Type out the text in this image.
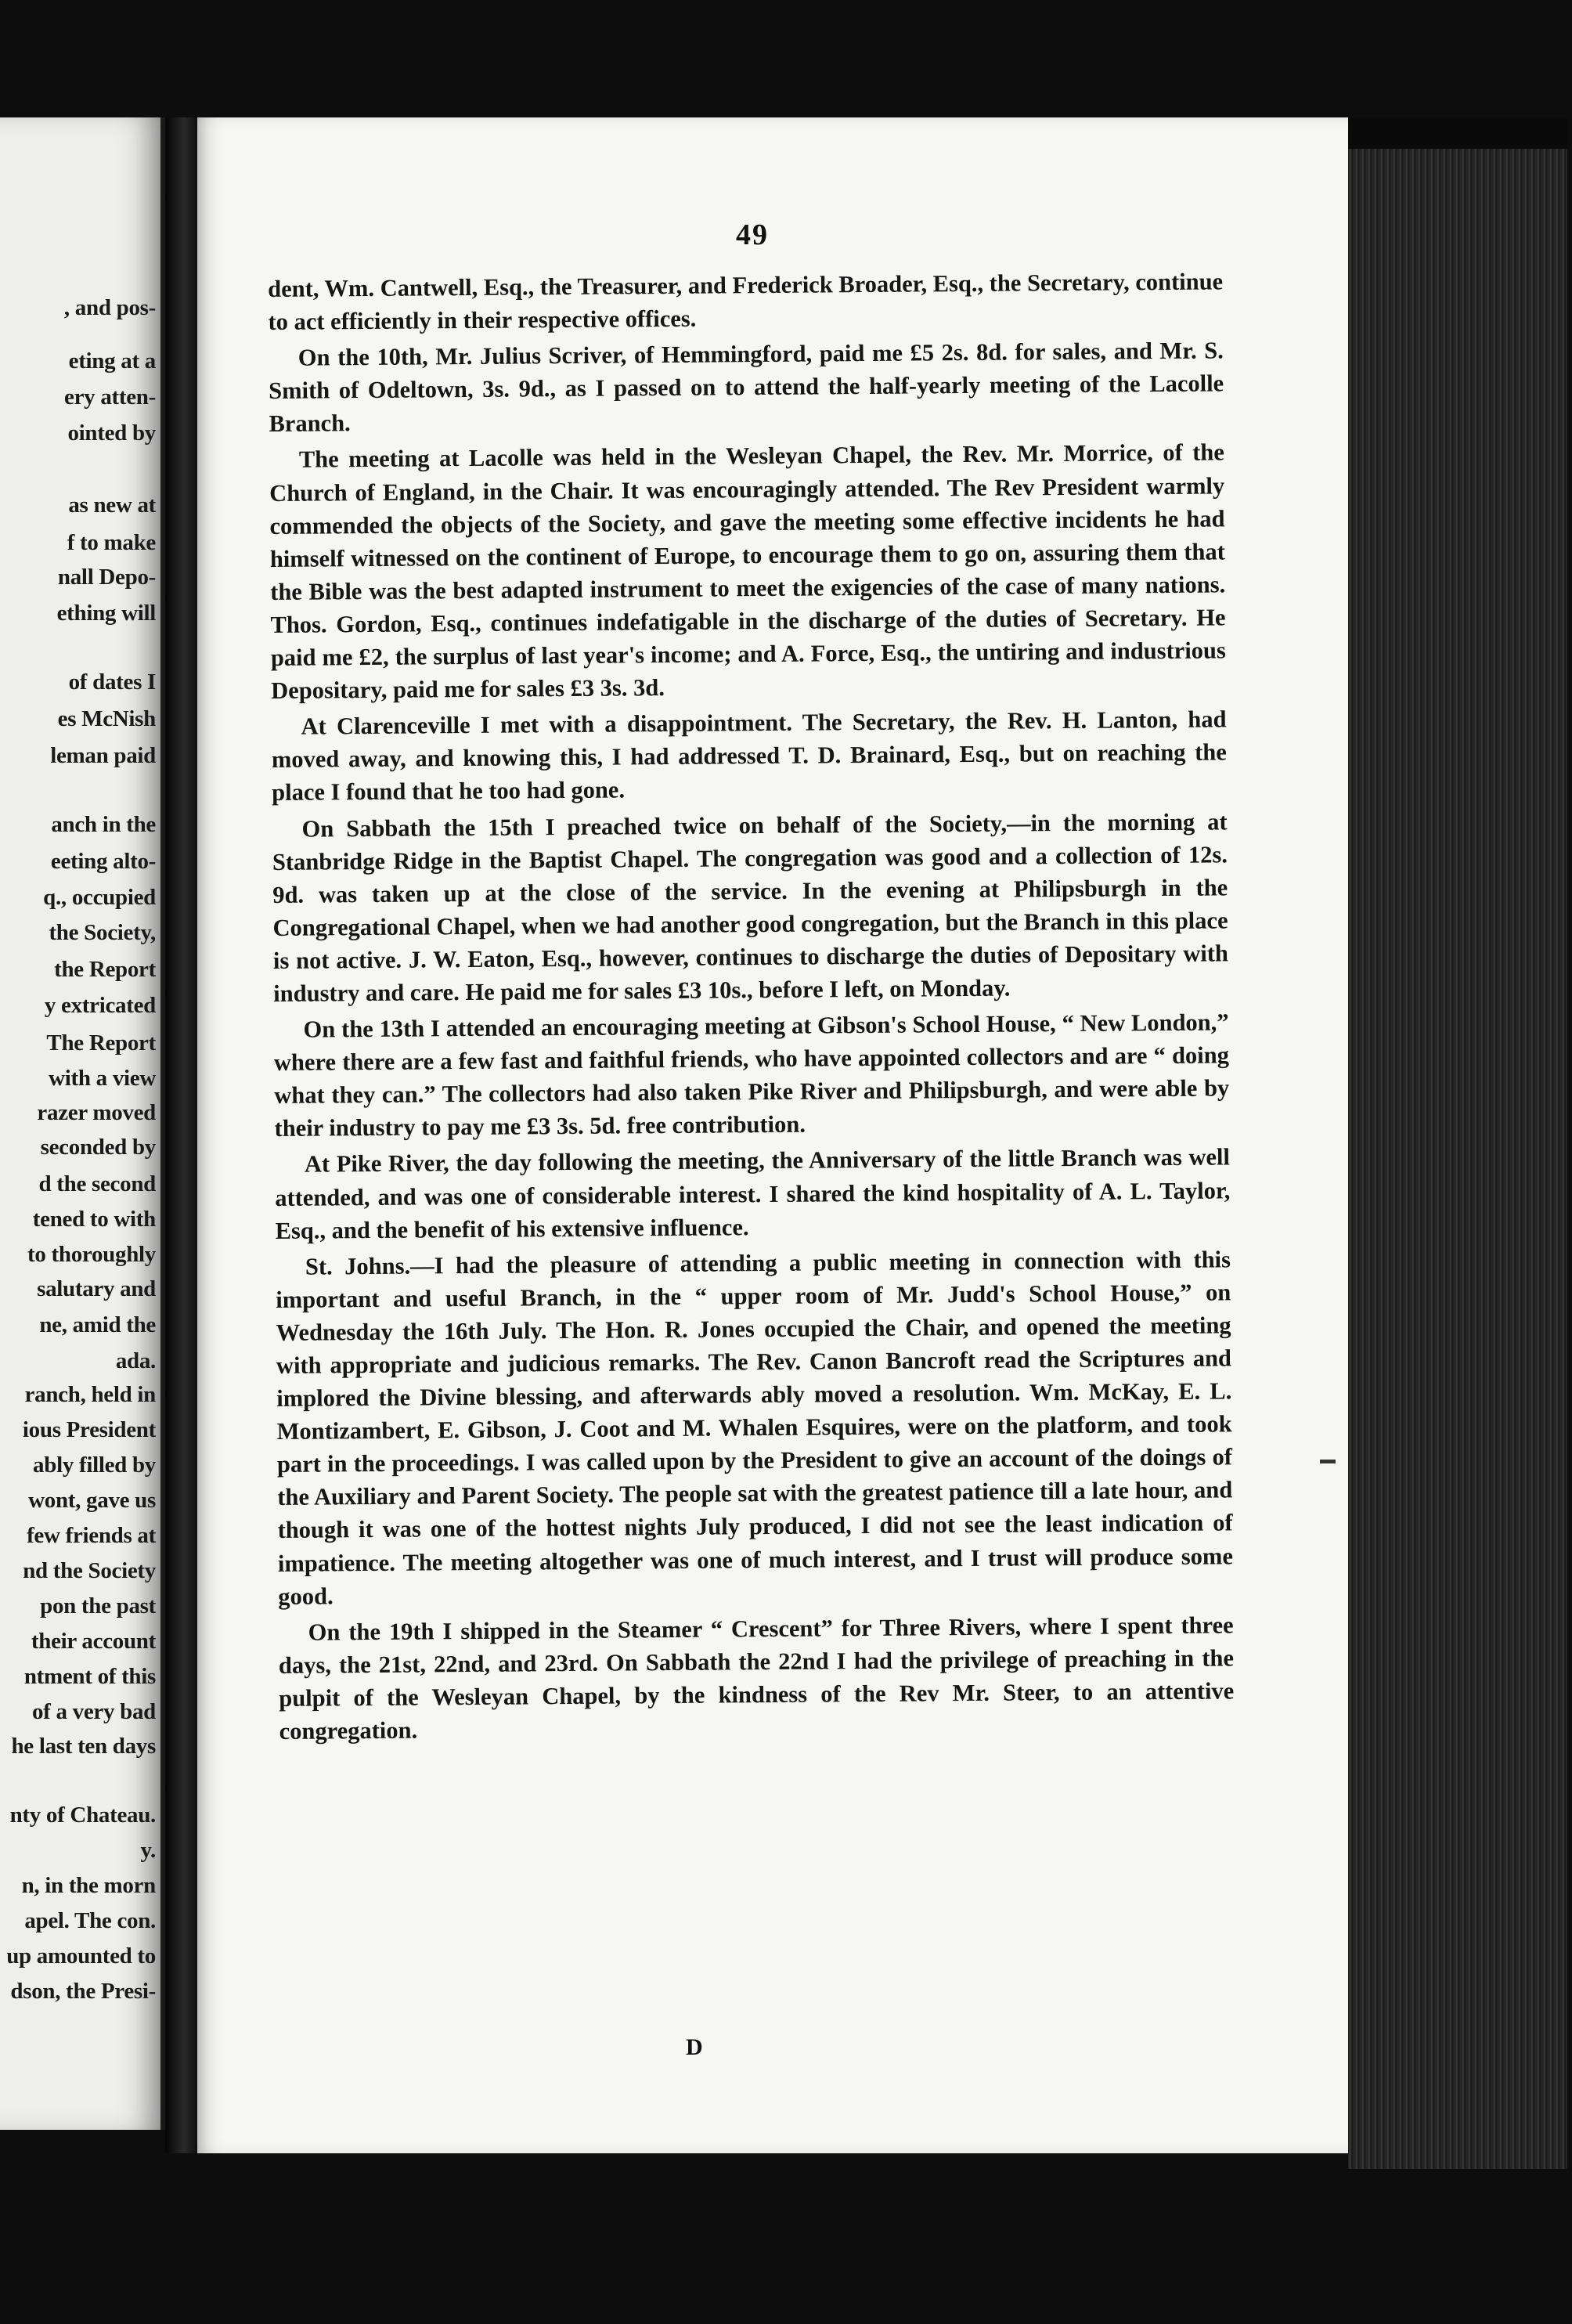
, and pos-
eting at a
ery atten-
ointed by
as new at
f to make
nall Depo-
ething will
of dates I
es McNish
leman paid
anch in the
eeting alto-
q., occupied
the Society,
the Report
y extricated
The Report
with a view
razer moved
seconded by
d the second
tened to with
to thoroughly
salutary and
ne, amid the
ada.
ranch, held in
ious President
ably filled by
wont, gave us
few friends at
nd the Society
pon the past
their account
ntment of this
of a very bad
he last ten days
nty of Chateau.
y.
n, in the morn
apel. The con.
up amounted to
dson, the Presi-
49

dent, Wm. Cantwell, Esq., the Treasurer, and Frederick Broader, Esq., the Secretary, continue to act efficiently in their respective offices.

On the 10th, Mr. Julius Scriver, of Hemmingford, paid me £5 2s. 8d. for sales, and Mr. S. Smith of Odeltown, 3s. 9d., as I passed on to attend the half-yearly meeting of the Lacolle Branch.

The meeting at Lacolle was held in the Wesleyan Chapel, the Rev. Mr. Morrice, of the Church of England, in the Chair. It was encouragingly attended. The Rev President warmly commended the objects of the Society, and gave the meeting some effective incidents he had himself witnessed on the continent of Europe, to encourage them to go on, assuring them that the Bible was the best adapted instrument to meet the exigencies of the case of many nations. Thos. Gordon, Esq., continues indefatigable in the discharge of the duties of Secretary. He paid me £2, the surplus of last year's income; and A. Force, Esq., the untiring and industrious Depositary, paid me for sales £3 3s. 3d.

At Clarenceville I met with a disappointment. The Secretary, the Rev. H. Lanton, had moved away, and knowing this, I had addressed T. D. Brainard, Esq., but on reaching the place I found that he too had gone.

On Sabbath the 15th I preached twice on behalf of the Society,—in the morning at Stanbridge Ridge in the Baptist Chapel. The congregation was good and a collection of 12s. 9d. was taken up at the close of the service. In the evening at Philipsburgh in the Congregational Chapel, when we had another good congregation, but the Branch in this place is not active. J. W. Eaton, Esq., however, continues to discharge the duties of Depositary with industry and care. He paid me for sales £3 10s., before I left, on Monday.

On the 13th I attended an encouraging meeting at Gibson's School House, “ New London,” where there are a few fast and faithful friends, who have appointed collectors and are “ doing what they can.” The collectors had also taken Pike River and Philipsburgh, and were able by their industry to pay me £3 3s. 5d. free contribution.

At Pike River, the day following the meeting, the Anniversary of the little Branch was well attended, and was one of considerable interest. I shared the kind hospitality of A. L. Taylor, Esq., and the benefit of his extensive influence.

St. Johns.—I had the pleasure of attending a public meeting in connection with this important and useful Branch, in the “ upper room of Mr. Judd's School House,” on Wednesday the 16th July. The Hon. R. Jones occupied the Chair, and opened the meeting with appropriate and judicious remarks. The Rev. Canon Bancroft read the Scriptures and implored the Divine blessing, and afterwards ably moved a resolution. Wm. McKay, E. L. Montizambert, E. Gibson, J. Coot and M. Whalen Esquires, were on the platform, and took part in the proceedings. I was called upon by the President to give an account of the doings of the Auxiliary and Parent Society. The people sat with the greatest patience till a late hour, and though it was one of the hottest nights July produced, I did not see the least indication of impatience. The meeting altogether was one of much interest, and I trust will produce some good.

On the 19th I shipped in the Steamer “ Crescent” for Three Rivers, where I spent three days, the 21st, 22nd, and 23rd. On Sabbath the 22nd I had the privilege of preaching in the pulpit of the Wesleyan Chapel, by the kindness of the Rev Mr. Steer, to an attentive congregation.

D
